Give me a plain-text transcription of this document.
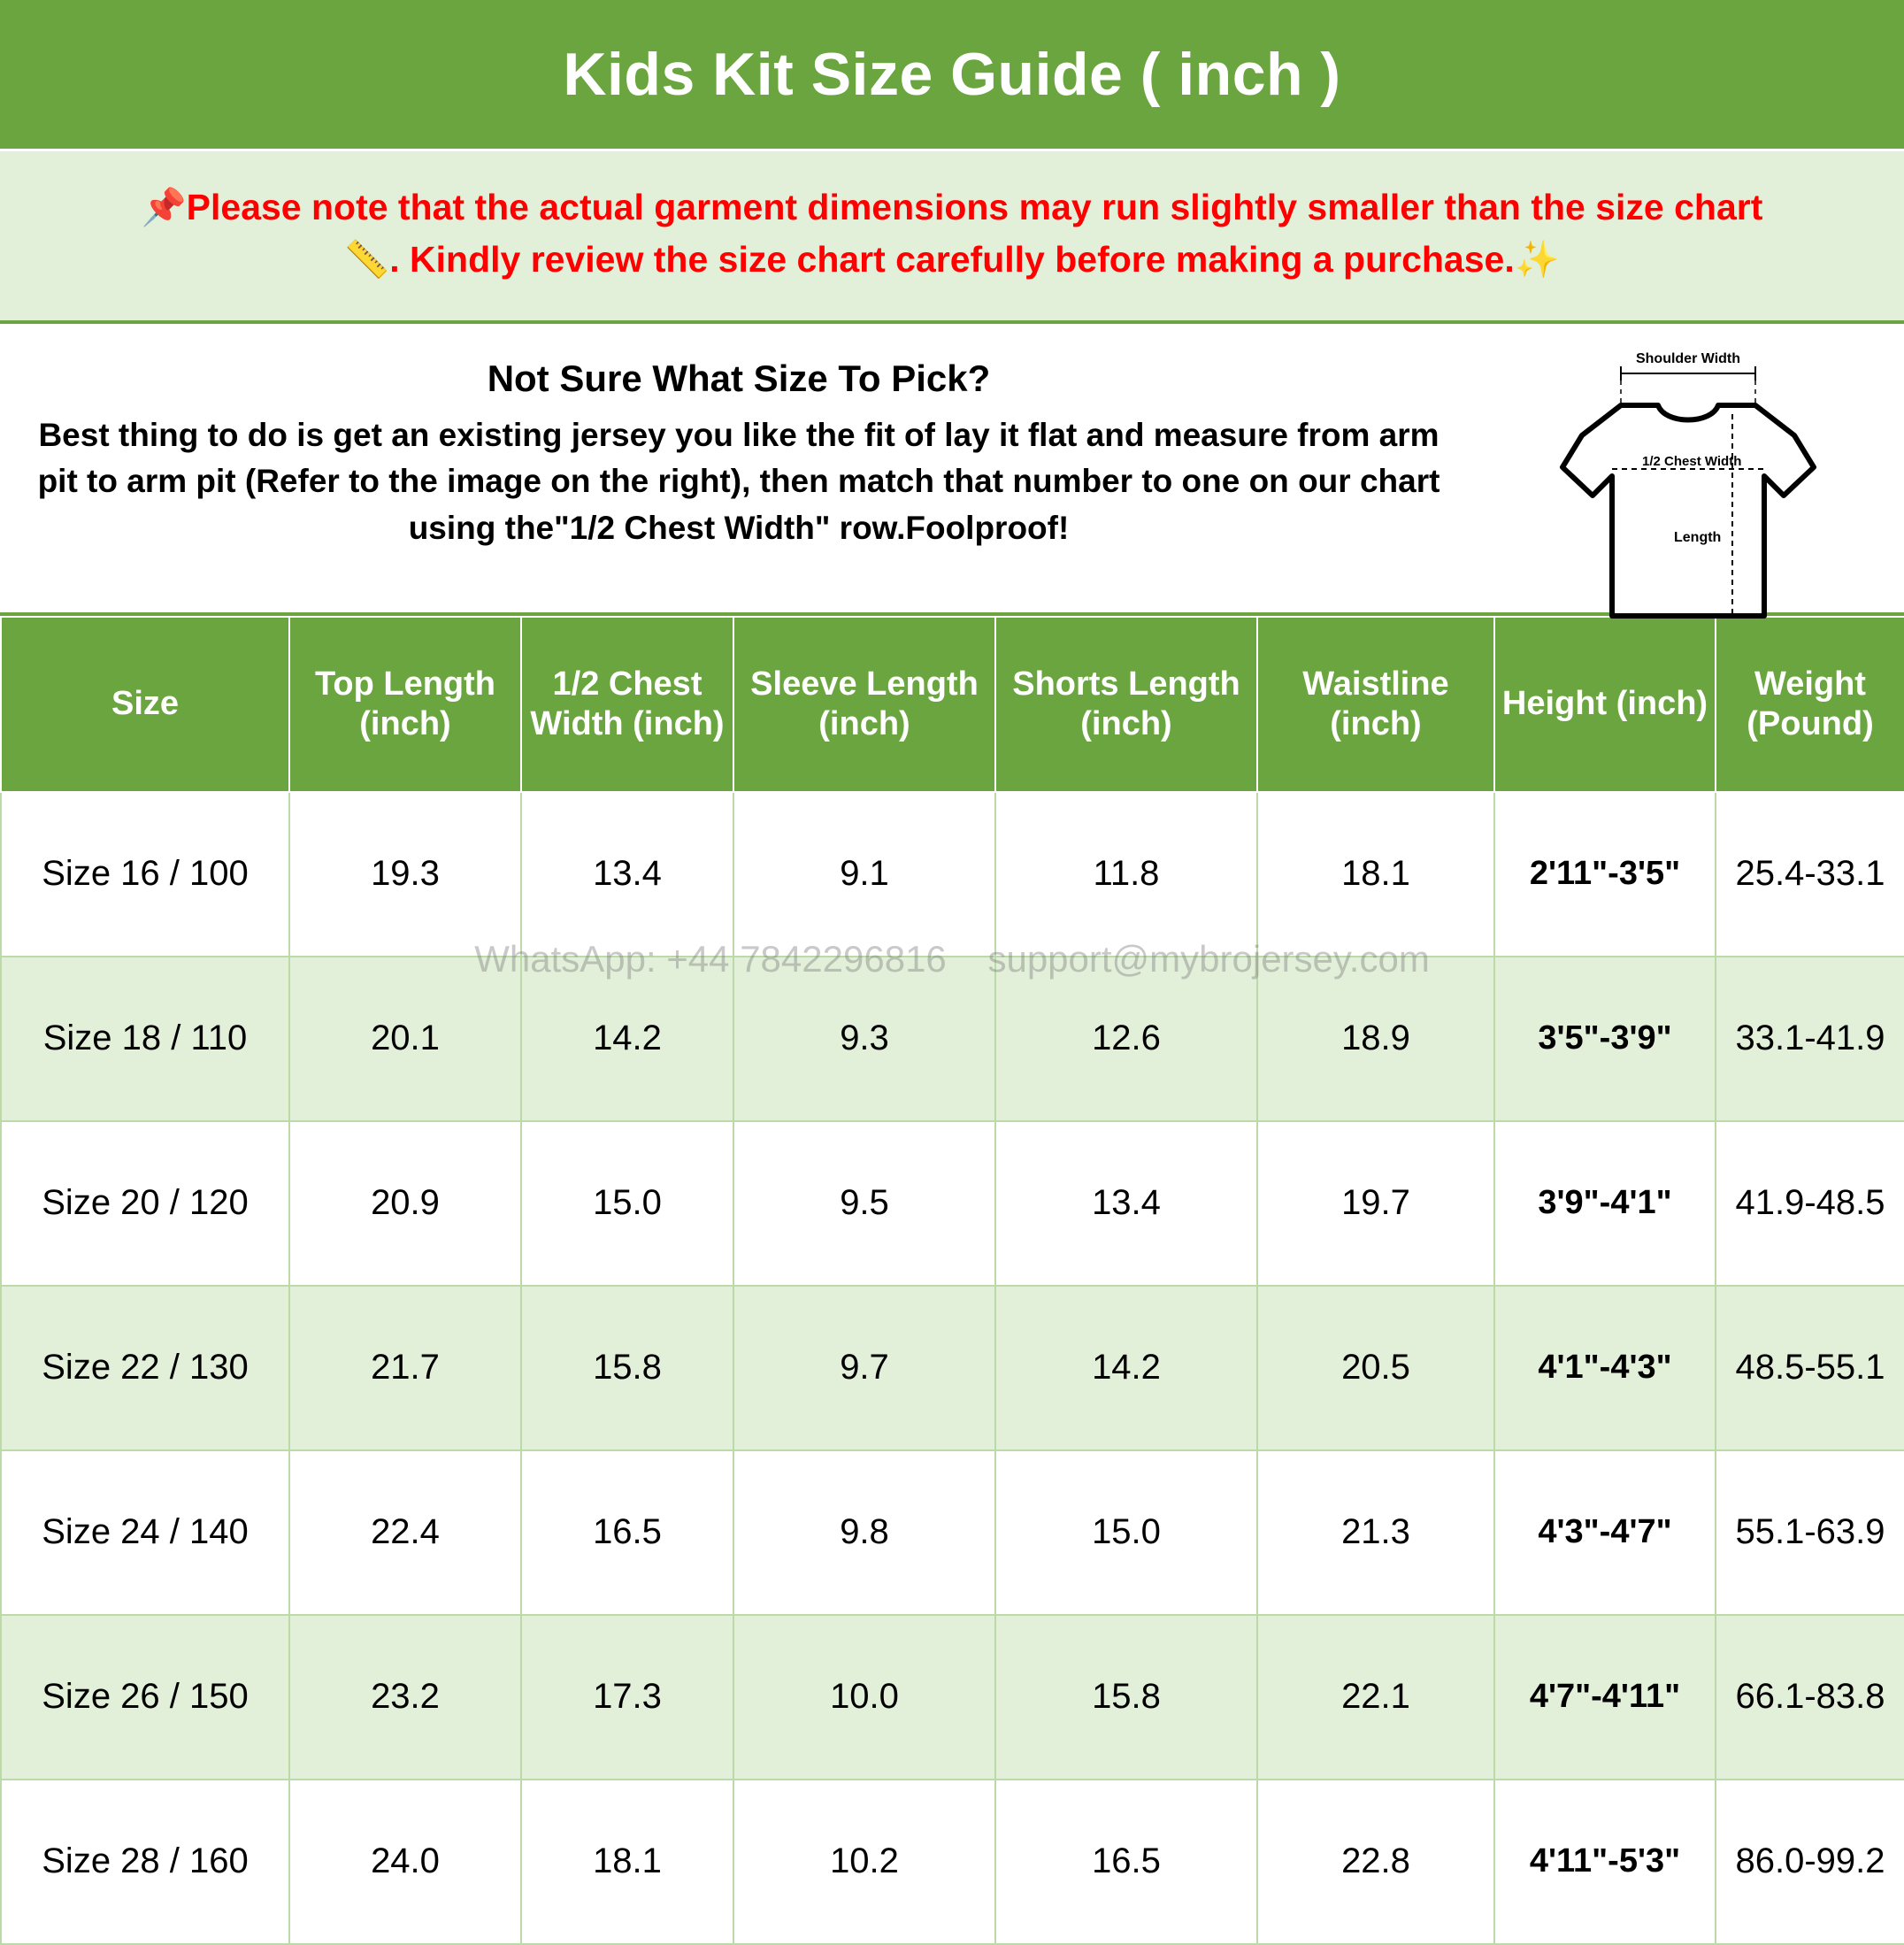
Kids Kit Size Guide ( inch )
📌Please note that the actual garment dimensions may run slightly smaller than the size chart
📏. Kindly review the size chart carefully before making a purchase.✨
Not Sure What Size To Pick?
Best thing to do is get an existing jersey you like the fit of lay it flat and measure from arm pit to arm pit (Refer to the image on the right), then match that number to one on our chart using the"1/2 Chest Width" row.Foolproof!
Shoulder Width
1/2 Chest Width
Length
WhatsApp: +44 7842296816    support@mybrojersey.com
Size	Top Length (inch)	1/2 Chest Width (inch)	Sleeve Length (inch)	Shorts Length (inch)	Waistline (inch)	Height (inch)	Weight (Pound)
Size 16 / 100	19.3	13.4	9.1	11.8	18.1	2'11"-3'5"	25.4-33.1
Size 18 / 110	20.1	14.2	9.3	12.6	18.9	3'5"-3'9"	33.1-41.9
Size 20 / 120	20.9	15.0	9.5	13.4	19.7	3'9"-4'1"	41.9-48.5
Size 22 / 130	21.7	15.8	9.7	14.2	20.5	4'1"-4'3"	48.5-55.1
Size 24 / 140	22.4	16.5	9.8	15.0	21.3	4'3"-4'7"	55.1-63.9
Size 26 / 150	23.2	17.3	10.0	15.8	22.1	4'7"-4'11"	66.1-83.8
Size 28 / 160	24.0	18.1	10.2	16.5	22.8	4'11"-5'3"	86.0-99.2
